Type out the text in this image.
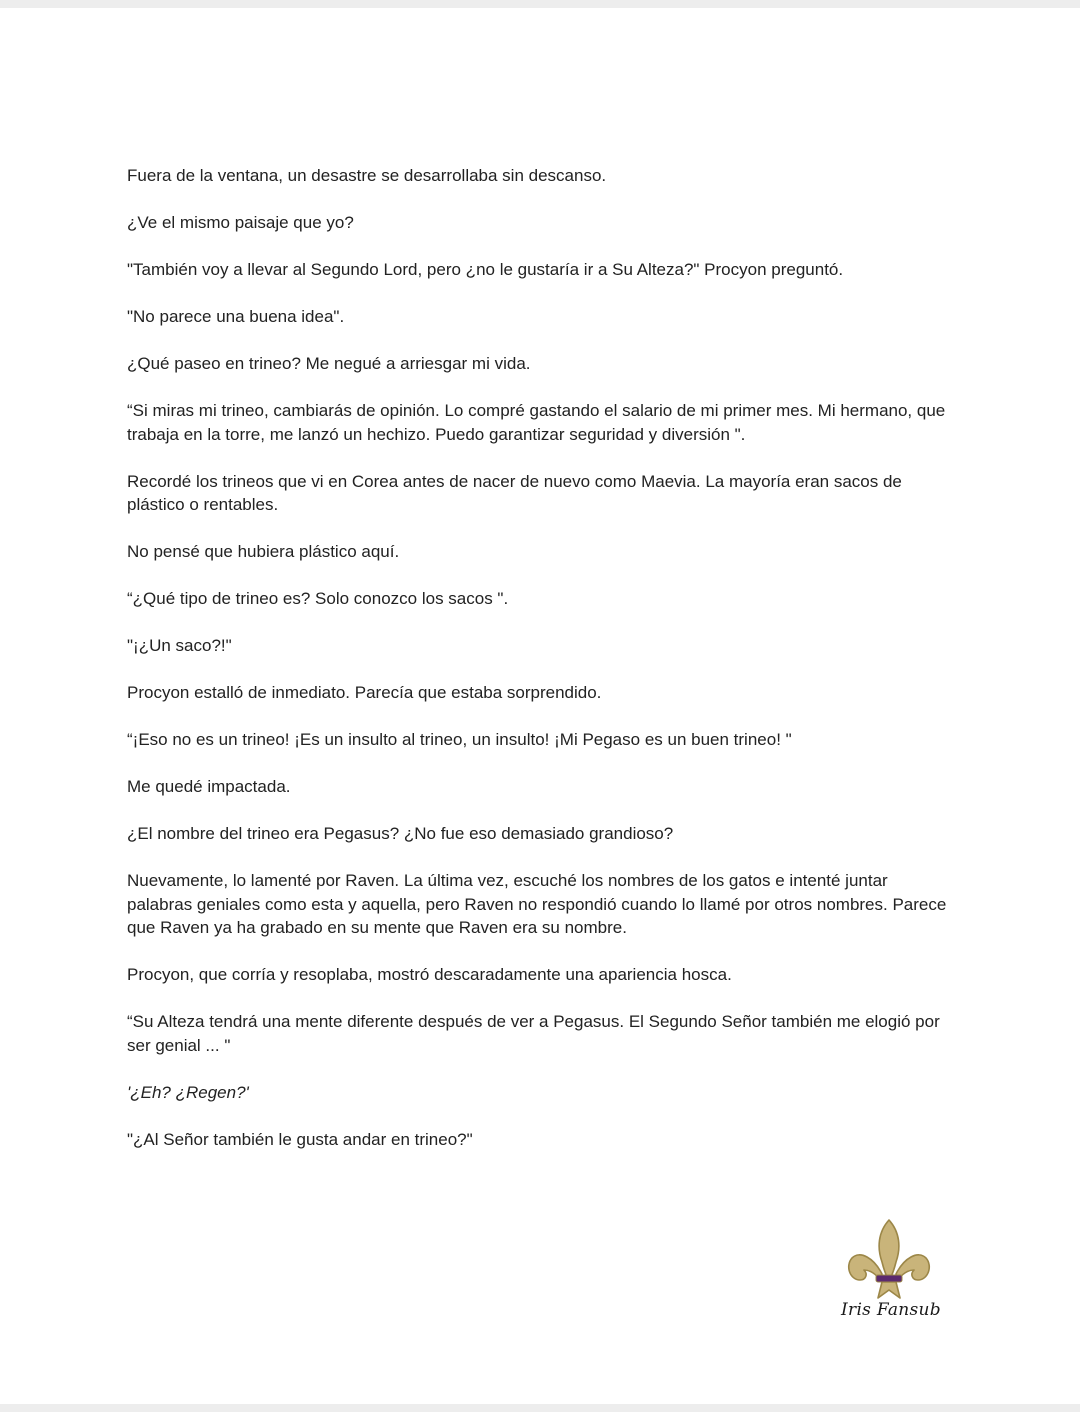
Fuera de la ventana, un desastre se desarrollaba sin descanso.

¿Ve el mismo paisaje que yo?

"También voy a llevar al Segundo Lord, pero ¿no le gustaría ir a Su Alteza?" Procyon preguntó.

"No parece una buena idea".

¿Qué paseo en trineo? Me negué a arriesgar mi vida.

“Si miras mi trineo, cambiarás de opinión. Lo compré gastando el salario de mi primer mes. Mi hermano, que trabaja en la torre, me lanzó un hechizo. Puedo garantizar seguridad y diversión ".

Recordé los trineos que vi en Corea antes de nacer de nuevo como Maevia. La mayoría eran sacos de plástico o rentables.

No pensé que hubiera plástico aquí.

“¿Qué tipo de trineo es? Solo conozco los sacos ".

"¡¿Un saco?!"

Procyon estalló de inmediato. Parecía que estaba sorprendido.

“¡Eso no es un trineo! ¡Es un insulto al trineo, un insulto! ¡Mi Pegaso es un buen trineo! "

Me quedé impactada.

¿El nombre del trineo era Pegasus? ¿No fue eso demasiado grandioso?

Nuevamente, lo lamenté por Raven. La última vez, escuché los nombres de los gatos e intenté juntar palabras geniales como esta y aquella, pero Raven no respondió cuando lo llamé por otros nombres. Parece que Raven ya ha grabado en su mente que Raven era su nombre.

Procyon, que corría y resoplaba, mostró descaradamente una apariencia hosca.

“Su Alteza tendrá una mente diferente después de ver a Pegasus. El Segundo Señor también me elogió por ser genial ... "

'¿Eh? ¿Regen?'

"¿Al Señor también le gusta andar en trineo?"

Iris Fansub
